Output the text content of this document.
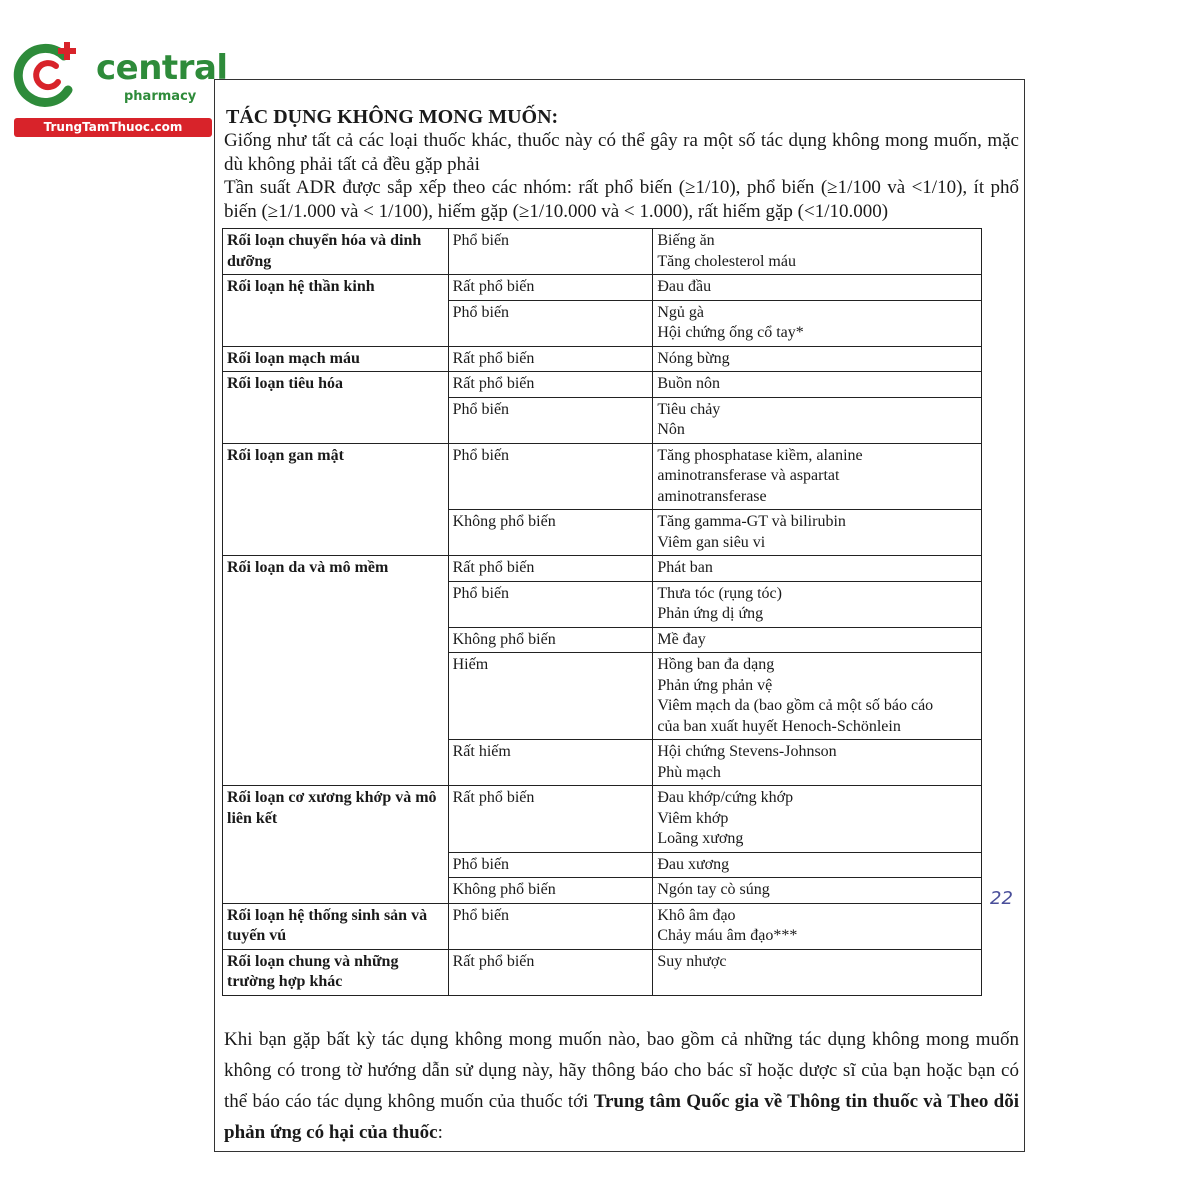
central
pharmacy
TrungTamThuoc.com	TÁC DỤNG KHÔNG MONG MUỐN:

Giống như tất cả các loại thuốc khác, thuốc này có thể gây ra một số tác dụng không mong muốn, mặc dù không phải tất cả đều gặp phải

Tần suất ADR được sắp xếp theo các nhóm: rất phổ biến (≥1/10), phổ biến (≥1/100 và <1/10), ít phổ biến (≥1/1.000 và < 1/100), hiếm gặp (≥1/10.000 và < 1.000), rất hiếm gặp (<1/10.000)

Rối loạn chuyển hóa và dinh dưỡng	Phổ biến	Biếng ăn
Tăng cholesterol máu

Rối loạn hệ thần kinh	Rất phổ biến	Đau đầu

	Phổ biến	Ngủ gà
Hội chứng ống cổ tay*

Rối loạn mạch máu	Rất phổ biến	Nóng bừng

Rối loạn tiêu hóa	Rất phổ biến	Buồn nôn

	Phổ biến	Tiêu chảy
Nôn

Rối loạn gan mật	Phổ biến	Tăng phosphatase kiềm, alanine
aminotransferase và aspartat
aminotransferase

	Không phổ biến	Tăng gamma-GT và bilirubin
Viêm gan siêu vi

Rối loạn da và mô mềm	Rất phổ biến	Phát ban

	Phổ biến	Thưa tóc (rụng tóc)
Phản ứng dị ứng

	Không phổ biến	Mề đay

	Hiếm	Hồng ban đa dạng
Phản ứng phản vệ
Viêm mạch da (bao gồm cả một số báo cáo
của ban xuất huyết Henoch-Schönlein

	Rất hiếm	Hội chứng Stevens-Johnson
Phù mạch

Rối loạn cơ xương khớp và mô liên kết	Rất phổ biến	Đau khớp/cứng khớp
Viêm khớp
Loãng xương

	Phổ biến	Đau xương

	Không phổ biến	Ngón tay cò súng

Rối loạn hệ thống sinh sản và tuyến vú	Phổ biến	Khô âm đạo
Chảy máu âm đạo***

Rối loạn chung và những trường hợp khác	Rất phổ biến	Suy nhược
Khi bạn gặp bất kỳ tác dụng không mong muốn nào, bao gồm cả những tác dụng không mong muốn không có trong tờ hướng dẫn sử dụng này, hãy thông báo cho bác sĩ hoặc dược sĩ của bạn hoặc bạn có thể báo cáo tác dụng không muốn của thuốc tới Trung tâm Quốc gia về Thông tin thuốc và Theo dõi phản ứng có hại của thuốc:
22
